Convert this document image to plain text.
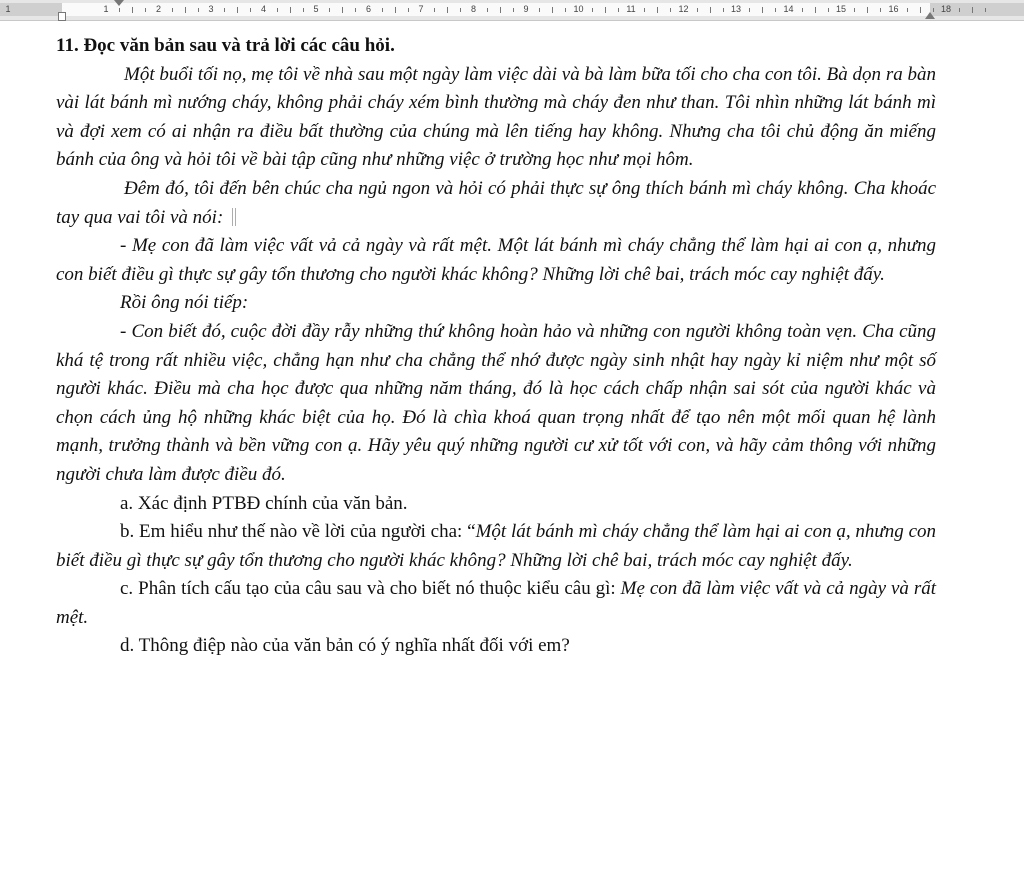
1	1	2	3	4	5	6	7	8	9	10	11	12	13	14	15	16	18

11. Đọc văn bản sau và trả lời các câu hỏi.

Một buổi tối nọ, mẹ tôi về nhà sau một ngày làm việc dài và bà làm bữa tối cho cha con tôi. Bà dọn ra bàn vài lát bánh mì nướng cháy, không phải cháy xém bình thường mà cháy đen như than. Tôi nhìn những lát bánh mì và đợi xem có ai nhận ra điều bất thường của chúng mà lên tiếng hay không. Nhưng cha tôi chủ động ăn miếng bánh của ông và hỏi tôi về bài tập cũng như những việc ở trường học như mọi hôm.

Đêm đó, tôi đến bên chúc cha ngủ ngon và hỏi có phải thực sự ông thích bánh mì cháy không. Cha khoác tay qua vai tôi và nói:

- Mẹ con đã làm việc vất vả cả ngày và rất mệt. Một lát bánh mì cháy chẳng thể làm hại ai con ạ, nhưng con biết điều gì thực sự gây tổn thương cho người khác không? Những lời chê bai, trách móc cay nghiệt đấy.

Rồi ông nói tiếp:

- Con biết đó, cuộc đời đầy rẫy những thứ không hoàn hảo và những con người không toàn vẹn. Cha cũng khá tệ trong rất nhiều việc, chẳng hạn như cha chẳng thể nhớ được ngày sinh nhật hay ngày kỉ niệm như một số người khác. Điều mà cha học được qua những năm tháng, đó là học cách chấp nhận sai sót của người khác và chọn cách ủng hộ những khác biệt của họ. Đó là chìa khoá quan trọng nhất để tạo nên một mối quan hệ lành mạnh, trưởng thành và bền vững con ạ. Hãy yêu quý những người cư xử tốt với con, và hãy cảm thông với những người chưa làm được điều đó.

a. Xác định PTBĐ chính của văn bản.

b. Em hiểu như thế nào về lời của người cha: “Một lát bánh mì cháy chẳng thể làm hại ai con ạ, nhưng con biết điều gì thực sự gây tổn thương cho người khác không? Những lời chê bai, trách móc cay nghiệt đấy.

c. Phân tích cấu tạo của câu sau và cho biết nó thuộc kiểu câu gì: Mẹ con đã làm việc vất và cả ngày và rất mệt.

d. Thông điệp nào của văn bản có ý nghĩa nhất đối với em?
